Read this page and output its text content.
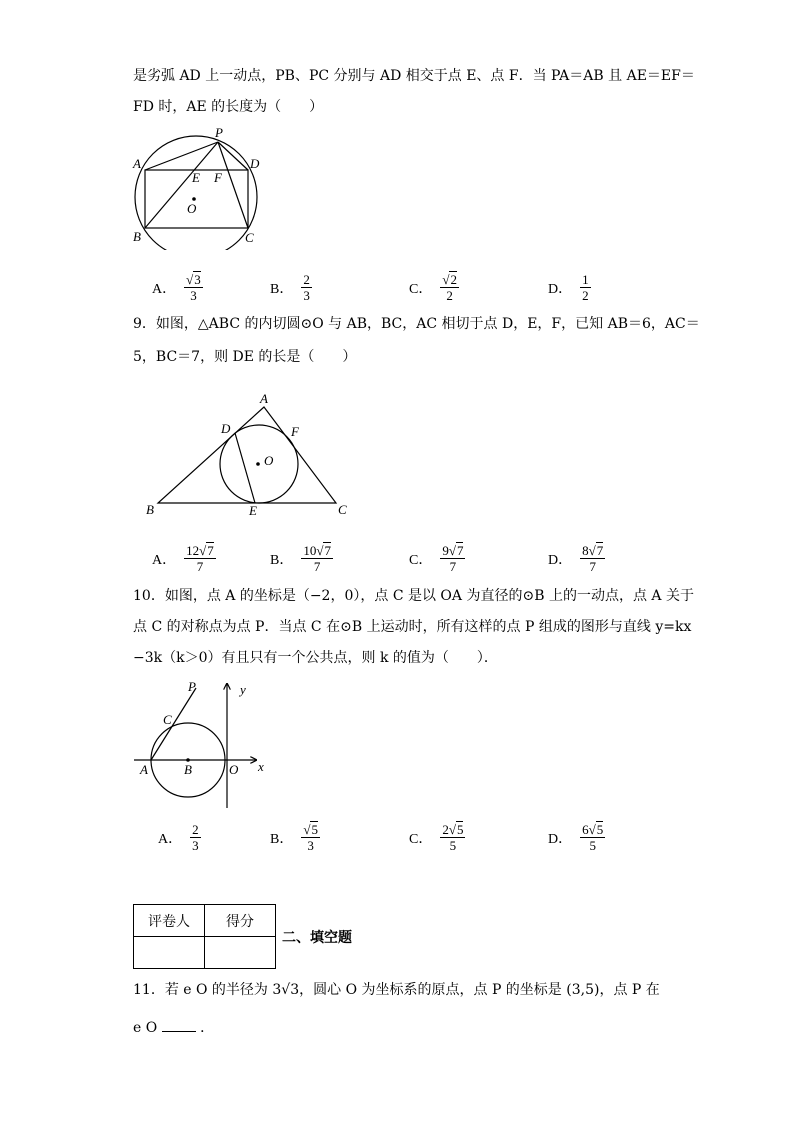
是劣弧 AD 上一动点，PB、PC 分别与 AD 相交于点 E、点 F．当 PA＝AB 且 AE＝EF＝
FD 时，AE 的长度为（　　）
P
A	D
E F
O
B	C
A． $\frac{√3}{3}$	B． $\frac{2}{3}$	C． $\frac{√2}{2}$	D． $\frac{1}{2}$
9．如图，△ABC 的内切圆⊙O 与 AB，BC，AC 相切于点 D，E，F，已知 AB＝6，AC＝
5，BC＝7，则 DE 的长是（　　）
A
D	F
O
B	E	C
A． $\frac{12√7}{7}$	B． $\frac{10√7}{7}$	C． $\frac{9√7}{7}$	D． $\frac{8√7}{7}$
10．如图，点 A 的坐标是（−2，0），点 C 是以 OA 为直径的⊙B 上的一动点，点 A 关于
点 C 的对称点为点 P．当点 C 在⊙B 上运动时，所有这样的点 P 组成的图形与直线 y=kx
−3k（k＞0）有且只有一个公共点，则 k 的值为（　　）．
P	y
C
A	B	O x
A． $\frac{2}{3}$	B． $\frac{√5}{3}$	C． $\frac{2√5}{5}$	D． $\frac{6√5}{5}$
评卷人	得分

二、填空题
11．若 e O 的半径为 3√3，圆心 O 为坐标系的原点，点 P 的坐标是 (3,5)，点 P 在
e O	．
